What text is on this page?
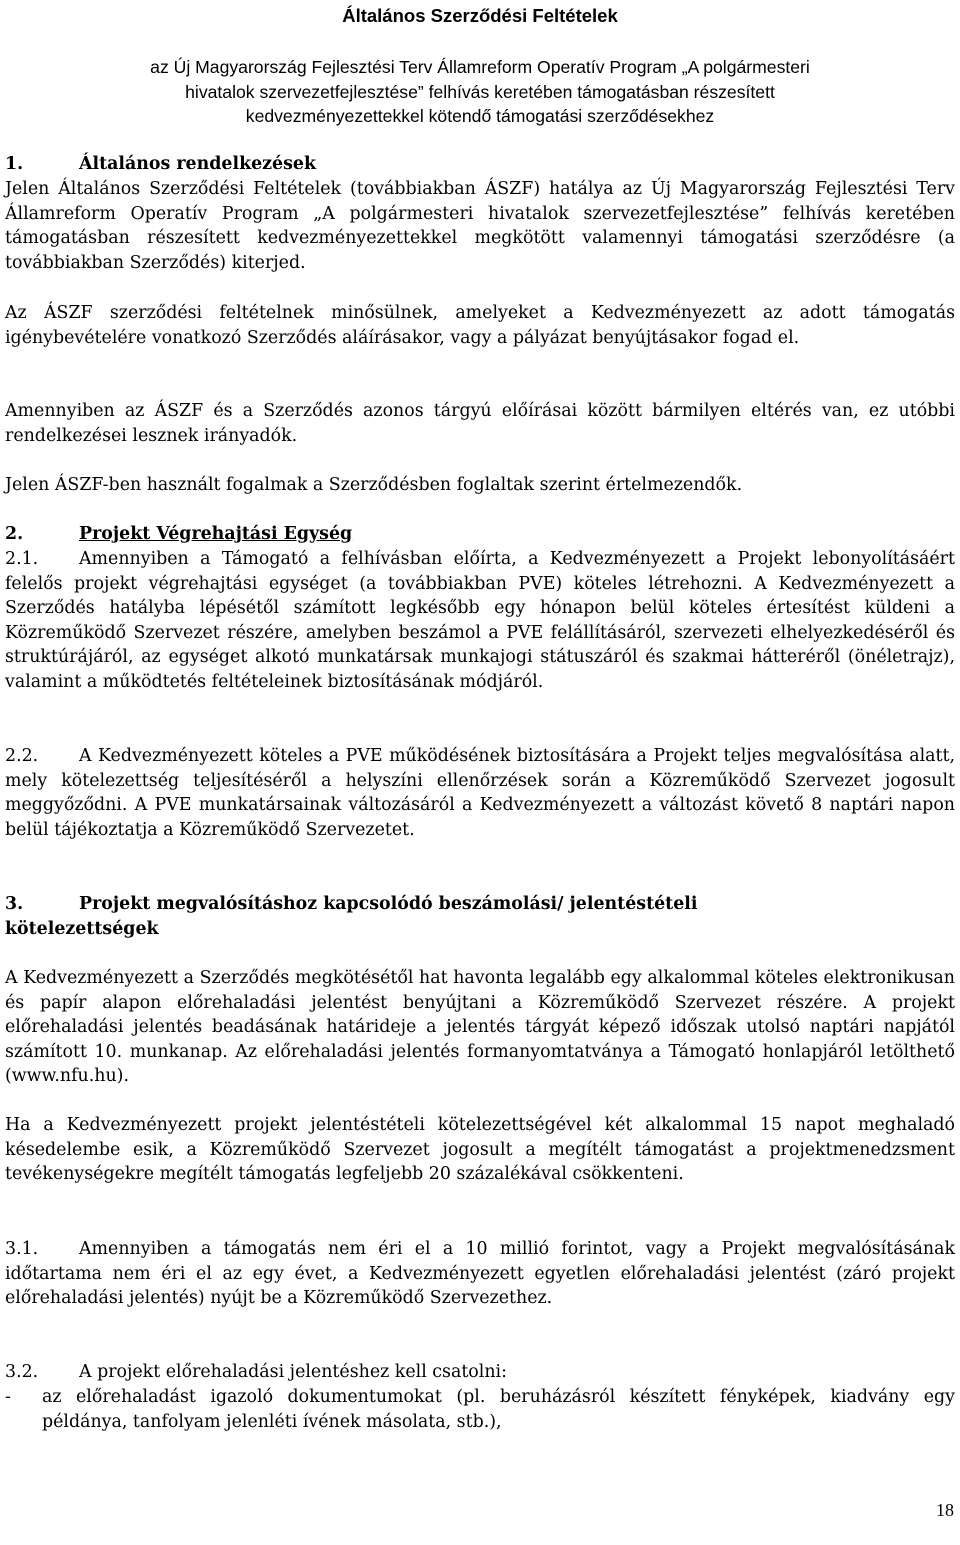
Általános Szerződési Feltételek
az Új Magyarország Fejlesztési Terv Államreform Operatív Program „A polgármesteri
hivatalok szervezetfejlesztése” felhívás keretében támogatásban részesített
kedvezményezettekkel kötendő támogatási szerződésekhez
1.	Általános rendelkezések

Jelen Általános Szerződési Feltételek (továbbiakban ÁSZF) hatálya az Új Magyarország Fejlesztési Terv Államreform Operatív Program „A polgármesteri hivatalok szervezetfejlesztése” felhívás keretében támogatásban részesített kedvezményezettekkel megkötött valamennyi támogatási szerződésre (a továbbiakban Szerződés) kiterjed.

Az ÁSZF szerződési feltételnek minősülnek, amelyeket a Kedvezményezett az adott támogatás igénybevételére vonatkozó Szerződés aláírásakor, vagy a pályázat benyújtásakor fogad el.

Amennyiben az ÁSZF és a Szerződés azonos tárgyú előírásai között bármilyen eltérés van, ez utóbbi rendelkezései lesznek irányadók.

Jelen ÁSZF-ben használt fogalmak a Szerződésben foglaltak szerint értelmezendők.

2.	Projekt Végrehajtási Egység
2.1. Amennyiben a Támogató a felhívásban előírta, a Kedvezményezett a Projekt lebonyolításáért felelős projekt végrehajtási egységet (a továbbiakban PVE) köteles létrehozni. A Kedvezményezett a Szerződés hatályba lépésétől számított legkésőbb egy hónapon belül köteles értesítést küldeni a Közreműködő Szervezet részére, amelyben beszámol a PVE felállításáról, szervezeti elhelyezkedéséről és struktúrájáról, az egységet alkotó munkatársak munkajogi státuszáról és szakmai hátteréről (önéletrajz), valamint a működtetés feltételeinek biztosításának módjáról.
2.2. A Kedvezményezett köteles a PVE működésének biztosítására a Projekt teljes megvalósítása alatt, mely kötelezettség teljesítéséről a helyszíni ellenőrzések során a Közreműködő Szervezet jogosult meggyőződni. A PVE munkatársainak változásáról a Kedvezményezett a változást követő 8 naptári napon belül tájékoztatja a Közreműködő Szervezetet.
3.	Projekt megvalósításhoz kapcsolódó beszámolási/ jelentéstételi
kötelezettségek

A Kedvezményezett a Szerződés megkötésétől hat havonta legalább egy alkalommal köteles elektronikusan és papír alapon előrehaladási jelentést benyújtani a Közreműködő Szervezet részére. A projekt előrehaladási jelentés beadásának határideje a jelentés tárgyát képező időszak utolsó naptári napjától számított 10. munkanap. Az előrehaladási jelentés formanyomtatványa a Támogató honlapjáról letölthető (www.nfu.hu).

Ha a Kedvezményezett projekt jelentéstételi kötelezettségével két alkalommal 15 napot meghaladó késedelembe esik, a Közreműködő Szervezet jogosult a megítélt támogatást a projektmenedzsment tevékenységekre megítélt támogatás legfeljebb 20 százalékával csökkenteni.

3.1. Amennyiben a támogatás nem éri el a 10 millió forintot, vagy a Projekt megvalósításának időtartama nem éri el az egy évet, a Kedvezményezett egyetlen előrehaladási jelentést (záró projekt előrehaladási jelentés) nyújt be a Közreműködő Szervezethez.
3.2. A projekt előrehaladási jelentéshez kell csatolni:
- az előrehaladást igazoló dokumentumokat (pl. beruházásról készített fényképek, kiadvány egy példánya, tanfolyam jelenléti ívének másolata, stb.),
18
